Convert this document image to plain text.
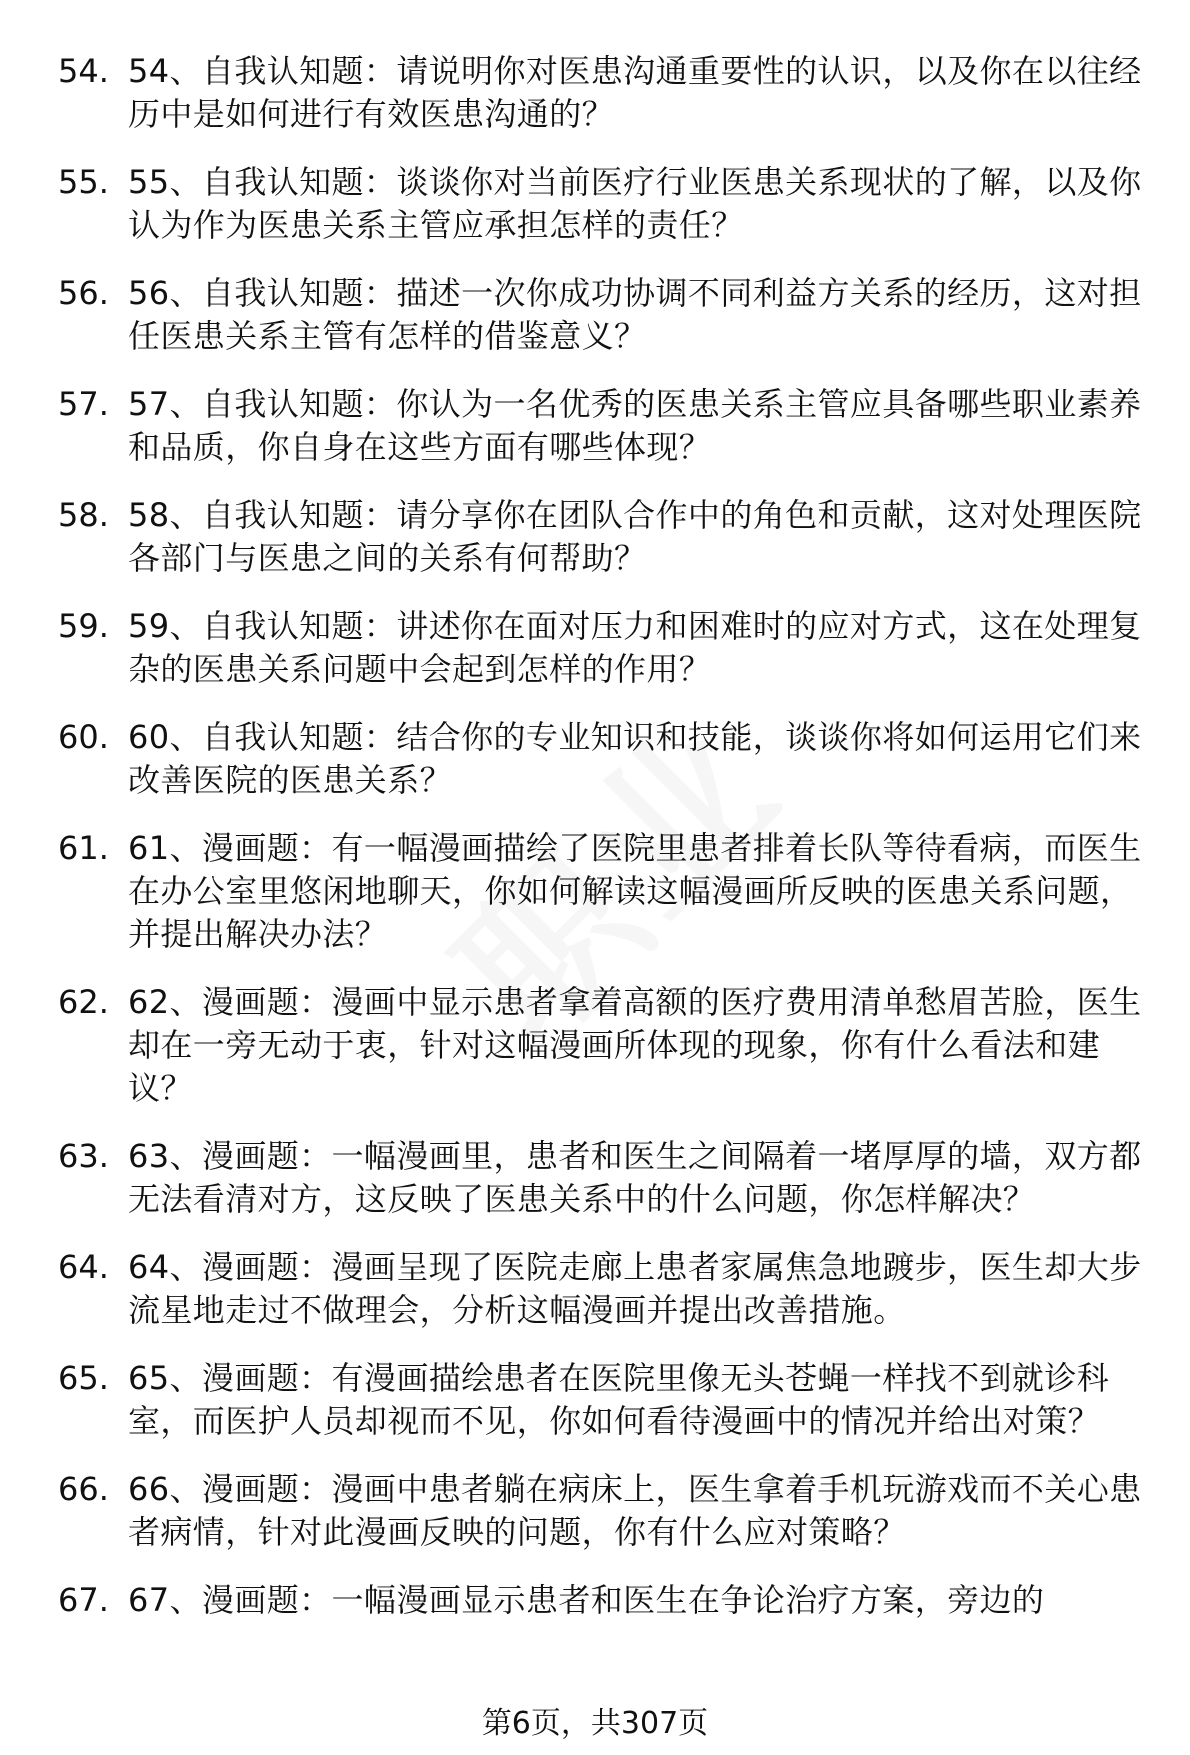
54. 54、自我认知题：请说明你对医患沟通重要性的认识，以及你在以往经历中是如何进行有效医患沟通的？
55. 55、自我认知题：谈谈你对当前医疗行业医患关系现状的了解，以及你认为作为医患关系主管应承担怎样的责任？
56. 56、自我认知题：描述一次你成功协调不同利益方关系的经历，这对担任医患关系主管有怎样的借鉴意义？
57. 57、自我认知题：你认为一名优秀的医患关系主管应具备哪些职业素养和品质，你自身在这些方面有哪些体现？
58. 58、自我认知题：请分享你在团队合作中的角色和贡献，这对处理医院各部门与医患之间的关系有何帮助？
59. 59、自我认知题：讲述你在面对压力和困难时的应对方式，这在处理复杂的医患关系问题中会起到怎样的作用？
60. 60、自我认知题：结合你的专业知识和技能，谈谈你将如何运用它们来改善医院的医患关系？
61. 61、漫画题：有一幅漫画描绘了医院里患者排着长队等待看病，而医生在办公室里悠闲地聊天，你如何解读这幅漫画所反映的医患关系问题，并提出解决办法？
62. 62、漫画题：漫画中显示患者拿着高额的医疗费用清单愁眉苦脸，医生却在一旁无动于衷，针对这幅漫画所体现的现象，你有什么看法和建议？
63. 63、漫画题：一幅漫画里，患者和医生之间隔着一堵厚厚的墙，双方都无法看清对方，这反映了医患关系中的什么问题，你怎样解决？
64. 64、漫画题：漫画呈现了医院走廊上患者家属焦急地踱步，医生却大步流星地走过不做理会，分析这幅漫画并提出改善措施。
65. 65、漫画题：有漫画描绘患者在医院里像无头苍蝇一样找不到就诊科室，而医护人员却视而不见，你如何看待漫画中的情况并给出对策？
66. 66、漫画题：漫画中患者躺在病床上，医生拿着手机玩游戏而不关心患者病情，针对此漫画反映的问题，你有什么应对策略？
67. 67、漫画题：一幅漫画显示患者和医生在争论治疗方案，旁边的
第6页，共307页
